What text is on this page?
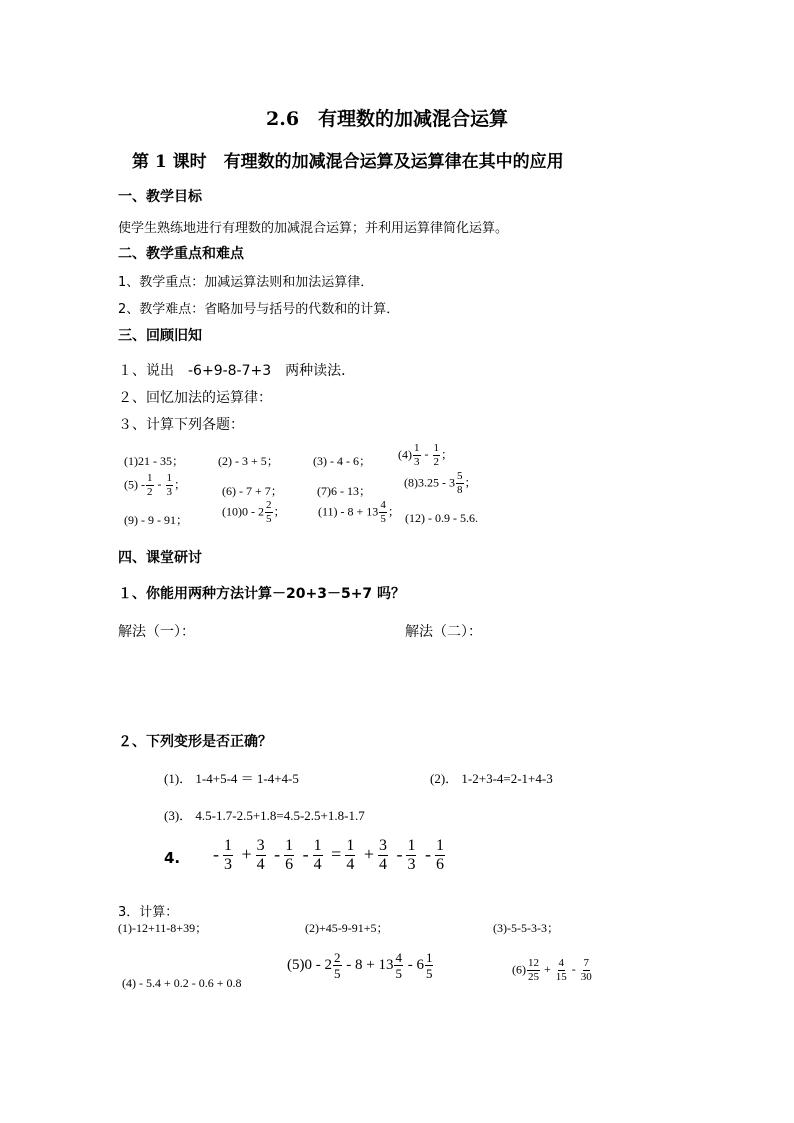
2.6　有理数的加减混合运算
第 1 课时　有理数的加减混合运算及运算律在其中的应用
一、教学目标
使学生熟练地进行有理数的加减混合运算；并利用运算律简化运算。
二、教学重点和难点
1、教学重点：加减运算法则和加法运算律．
2、教学难点：省略加号与括号的代数和的计算．
三、回顾旧知
１、说出　-6+9-8-7+3　两种读法．
２、回忆加法的运算律：
３、计算下列各题：
(1)21 - 35；	(2) - 3 + 5；	(3) - 4 - 6； $(4) \frac{1}{3} - \frac{1}{2}$ ；
$(5) - \frac{1}{2} - \frac{1}{3}$ ；	(6) - 7 + 7；	(7)6 - 13；
$(8)3.25 - 3 \frac{5}{8}$ ；
(9) - 9 - 91；
$(10)0 - 2 \frac{2}{5}$ ；	$(11) - 8 + 13 \frac{4}{5}$ ； (12) - 0.9 - 5.6.
四、课堂研讨
１、你能用两种方法计算－20+3－5+7 吗？
解法（一）：	解法（二）：
２、下列变形是否正确？
(1)． 1-4+5-4 ＝ 1-4+4-5	(2)． 1-2+3-4=2-1+4-3
(3)． 4.5-1.7-2.5+1.8=4.5-2.5+1.8-1.7
4. - $\frac{1}{3} + \frac{3}{4} - \frac{1}{6} - \frac{1}{4} = \frac{1}{4} + \frac{3}{4} - \frac{1}{3} - \frac{1}{6}$
3．计算：
(1)-12+11-8+39；	(2)+45-9-91+5；	(3)-5-5-3-3；
(4) - 5.4 + 0.2 - 0.6 + 0.8
$(5)0 - 2 \frac{2}{5} - 8 + 13 \frac{4}{5} - 6 \frac{1}{5}$	$(6) \frac{12}{25} + \frac{4}{15} - \frac{7}{30}$
